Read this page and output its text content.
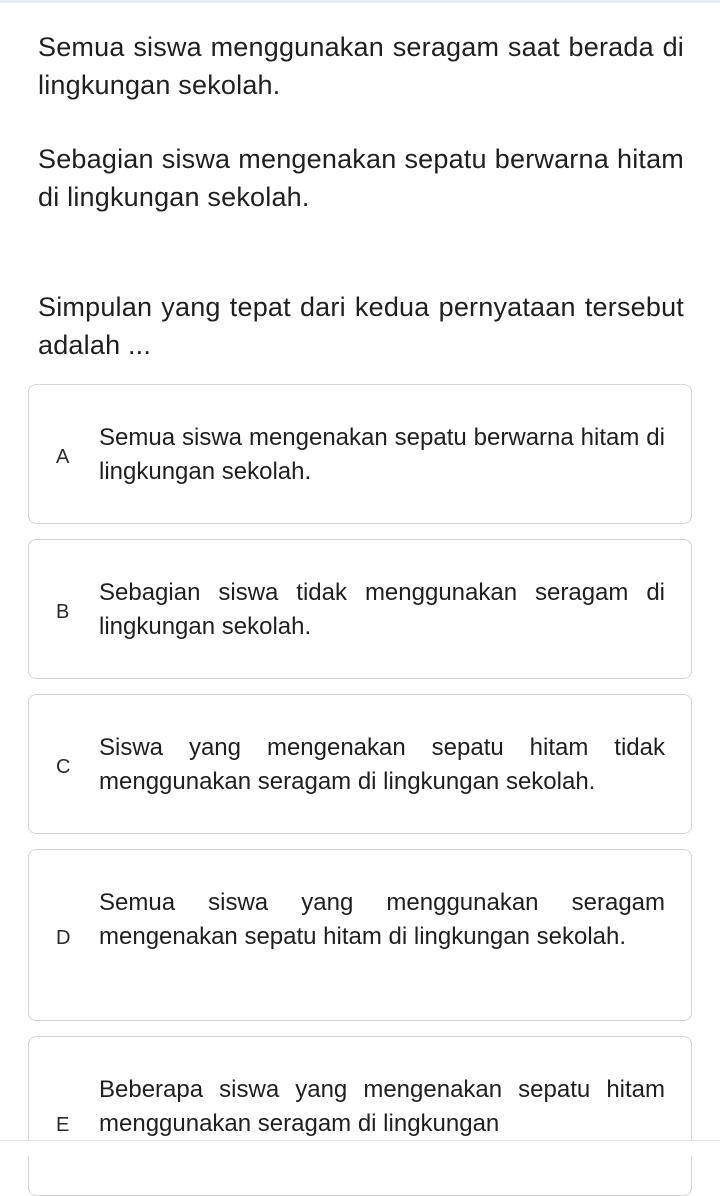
Semua siswa menggunakan seragam saat berada di lingkungan sekolah.

Sebagian siswa mengenakan sepatu berwarna hitam di lingkungan sekolah.

Simpulan yang tepat dari kedua pernyataan tersebut adalah ...

A
Semua siswa mengenakan sepatu berwarna hitam di lingkungan sekolah.
B
Sebagian siswa tidak menggunakan seragam di lingkungan sekolah.
C
Siswa yang mengenakan sepatu hitam tidak menggunakan seragam di lingkungan sekolah.
D
Semua siswa yang menggunakan seragam mengenakan sepatu hitam di lingkungan sekolah.
E
Beberapa siswa yang mengenakan sepatu hitam menggunakan seragam di lingkungan
